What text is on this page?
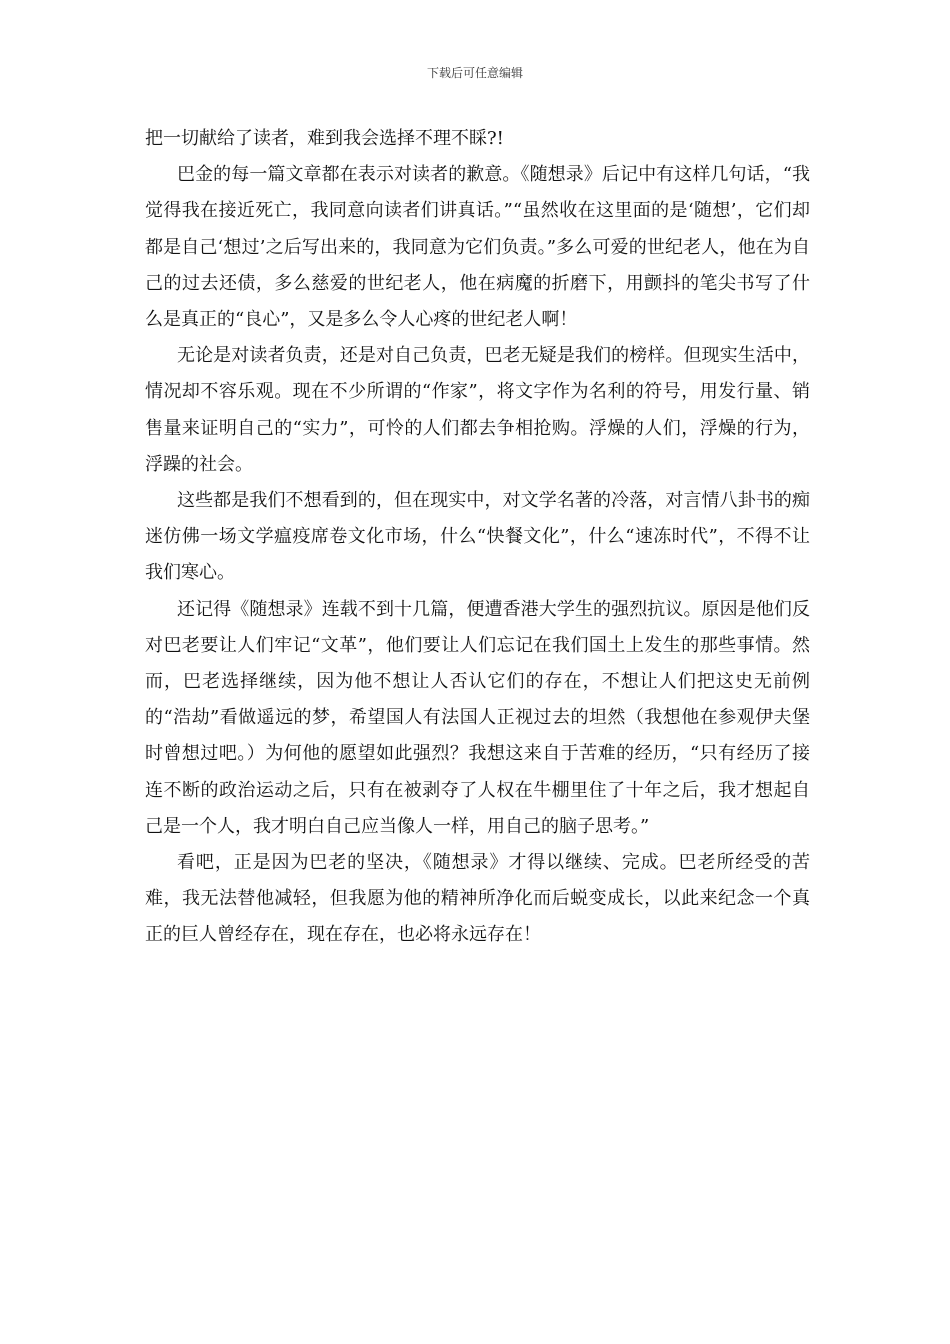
下载后可任意编辑

把一切献给了读者，难到我会选择不理不睬?!

巴金的每一篇文章都在表示对读者的歉意。《随想录》后记中有这样几句话，“我觉得我在接近死亡，我同意向读者们讲真话。”“虽然收在这里面的是‘随想’，它们却都是自己‘想过’之后写出来的，我同意为它们负责。”多么可爱的世纪老人，他在为自己的过去还债，多么慈爱的世纪老人，他在病魔的折磨下，用颤抖的笔尖书写了什么是真正的“良心”，又是多么令人心疼的世纪老人啊！

无论是对读者负责，还是对自己负责，巴老无疑是我们的榜样。但现实生活中，情况却不容乐观。现在不少所谓的“作家”，将文字作为名利的符号，用发行量、销售量来证明自己的“实力”，可怜的人们都去争相抢购。浮燥的人们，浮燥的行为，浮躁的社会。

这些都是我们不想看到的，但在现实中，对文学名著的冷落，对言情八卦书的痴迷仿佛一场文学瘟疫席卷文化市场，什么“快餐文化”，什么“速冻时代”，不得不让我们寒心。

还记得《随想录》连载不到十几篇，便遭香港大学生的强烈抗议。原因是他们反对巴老要让人们牢记“文革”，他们要让人们忘记在我们国土上发生的那些事情。然而，巴老选择继续，因为他不想让人否认它们的存在，不想让人们把这史无前例的“浩劫”看做遥远的梦，希望国人有法国人正视过去的坦然（我想他在参观伊夫堡时曾想过吧。）为何他的愿望如此强烈？我想这来自于苦难的经历，“只有经历了接连不断的政治运动之后，只有在被剥夺了人权在牛棚里住了十年之后，我才想起自己是一个人，我才明白自己应当像人一样，用自己的脑子思考。”

看吧，正是因为巴老的坚决，《随想录》才得以继续、完成。巴老所经受的苦难，我无法替他减轻，但我愿为他的精神所净化而后蜕变成长，以此来纪念一个真正的巨人曾经存在，现在存在，也必将永远存在！
